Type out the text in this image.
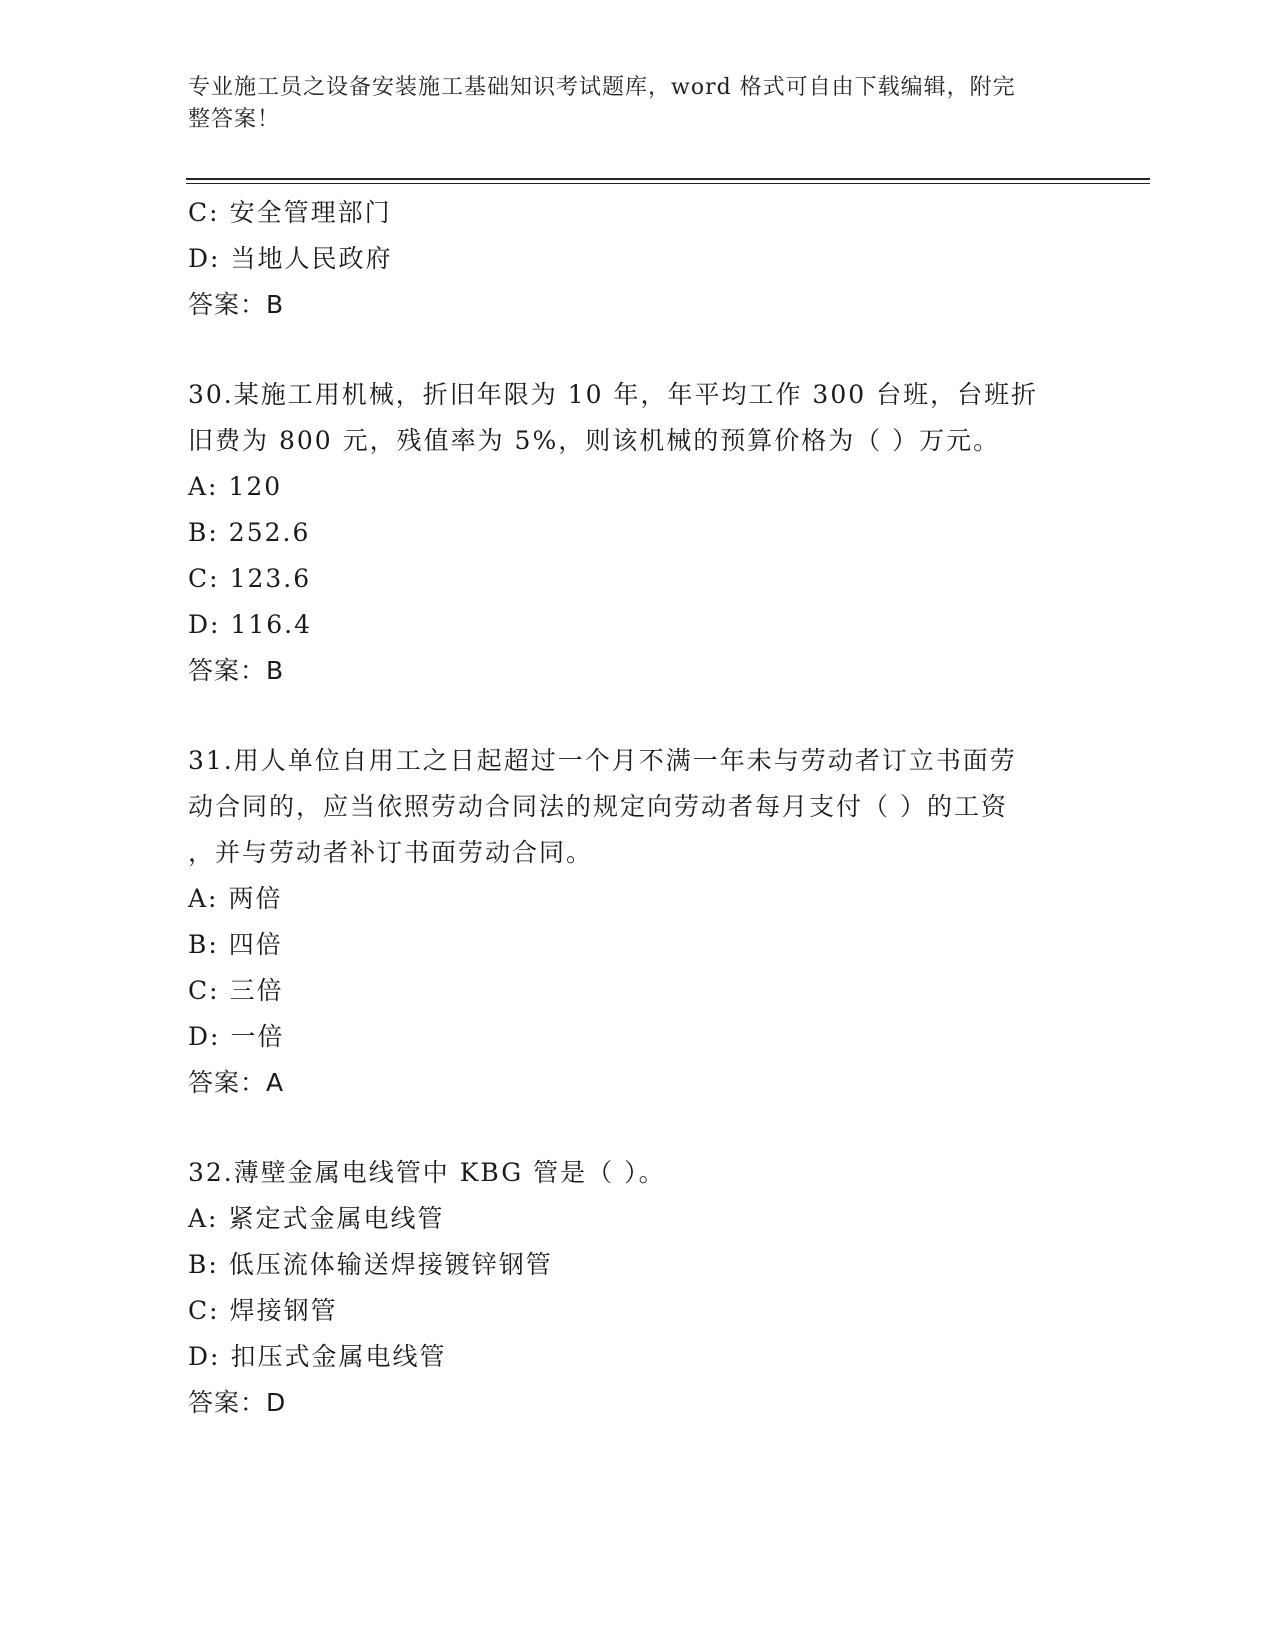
专业施工员之设备安装施工基础知识考试题库，word 格式可自由下载编辑，附完
整答案！
C: 安全管理部门
D: 当地人民政府
答案：B
30.某施工用机械，折旧年限为 10 年，年平均工作 300 台班，台班折
旧费为 800 元，残值率为 5%，则该机械的预算价格为（ ）万元。
A: 120
B: 252.6
C: 123.6
D: 116.4
答案：B
31.用人单位自用工之日起超过一个月不满一年未与劳动者订立书面劳
动合同的，应当依照劳动合同法的规定向劳动者每月支付（ ）的工资
，并与劳动者补订书面劳动合同。
A: 两倍
B: 四倍
C: 三倍
D: 一倍
答案：A
32.薄壁金属电线管中 KBG 管是（ ）。
A: 紧定式金属电线管
B: 低压流体输送焊接镀锌钢管
C: 焊接钢管
D: 扣压式金属电线管
答案：D
